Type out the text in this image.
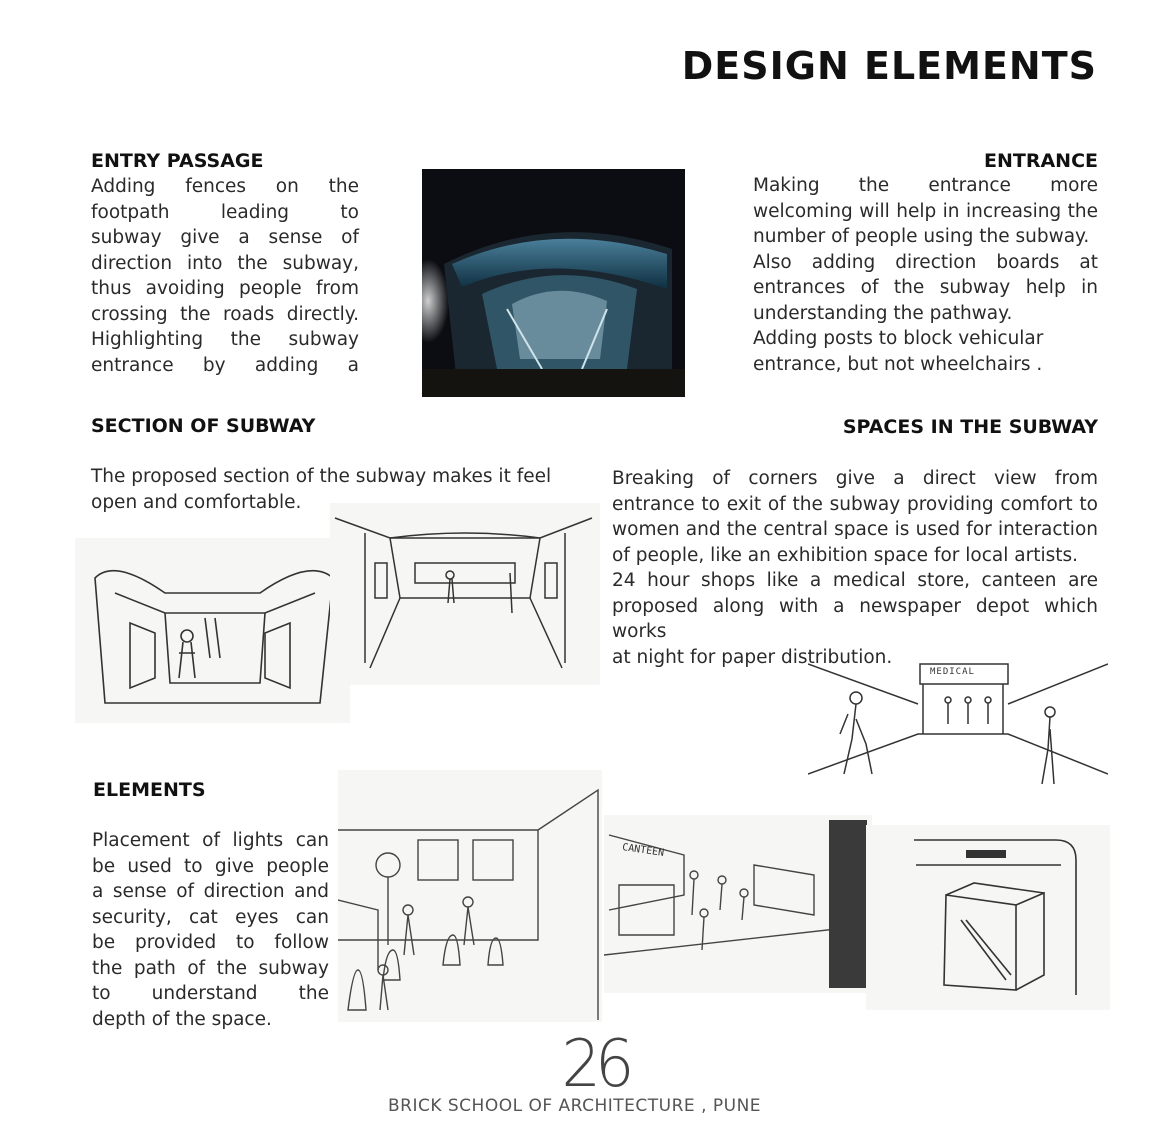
DESIGN ELEMENTS
ENTRY PASSAGE

Adding fences on the

footpath leading to

subway give a sense of

direction into the subway,

thus avoiding people from

crossing the roads directly.

Highlighting the subway

entrance by adding a

ENTRANCE

Making the entrance more welcoming will help in increasing the number of people using the subway.

Also adding direction boards at entrances of the subway help in understanding the pathway.

Adding posts to block vehicular entrance, but not wheelchairs .

SECTION OF SUBWAY

The proposed section of the subway makes it feel open and comfortable.

SPACES IN THE SUBWAY

Breaking of corners give a direct view from entrance to exit of the subway providing comfort to women and the central space is used for interaction of people, like an exhibition space for local artists.

24 hour shops like a medical store, canteen are proposed along with a newspaper depot which works

at night for paper distribution.

MEDICAL
ELEMENTS

Placement of lights can

be used to give people

a sense of direction and

security, cat eyes can

be provided to follow

the path of the subway

to understand the

depth of the space.

CANTEEN
26
BRICK SCHOOL OF ARCHITECTURE , PUNE
